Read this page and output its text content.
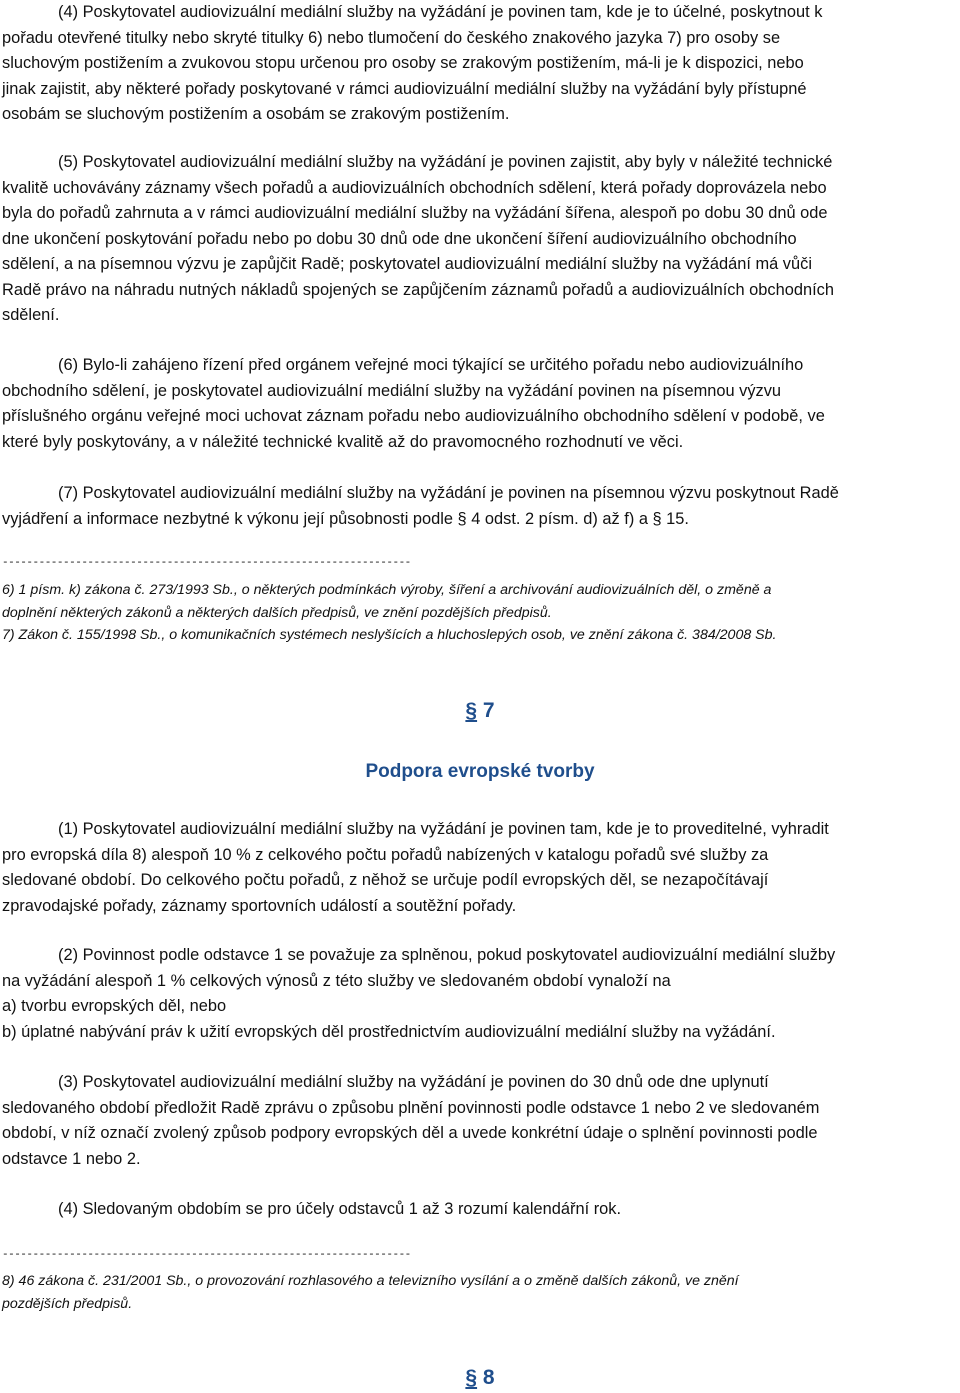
(4) Poskytovatel audiovizuální mediální služby na vyžádání je povinen tam, kde je to účelné, poskytnout k
pořadu otevřené titulky nebo skryté titulky 6) nebo tlumočení do českého znakového jazyka 7) pro osoby se
sluchovým postižením a zvukovou stopu určenou pro osoby se zrakovým postižením, má-li je k dispozici, nebo
jinak zajistit, aby některé pořady poskytované v rámci audiovizuální mediální služby na vyžádání byly přístupné
osobám se sluchovým postižením a osobám se zrakovým postižením.
(5) Poskytovatel audiovizuální mediální služby na vyžádání je povinen zajistit, aby byly v náležité technické
kvalitě uchovávány záznamy všech pořadů a audiovizuálních obchodních sdělení, která pořady doprovázela nebo
byla do pořadů zahrnuta a v rámci audiovizuální mediální služby na vyžádání šířena, alespoň po dobu 30 dnů ode
dne ukončení poskytování pořadu nebo po dobu 30 dnů ode dne ukončení šíření audiovizuálního obchodního
sdělení, a na písemnou výzvu je zapůjčit Radě; poskytovatel audiovizuální mediální služby na vyžádání má vůči
Radě právo na náhradu nutných nákladů spojených se zapůjčením záznamů pořadů a audiovizuálních obchodních
sdělení.
(6) Bylo-li zahájeno řízení před orgánem veřejné moci týkající se určitého pořadu nebo audiovizuálního
obchodního sdělení, je poskytovatel audiovizuální mediální služby na vyžádání povinen na písemnou výzvu
příslušného orgánu veřejné moci uchovat záznam pořadu nebo audiovizuálního obchodního sdělení v podobě, ve
které byly poskytovány, a v náležité technické kvalitě až do pravomocného rozhodnutí ve věci.
(7) Poskytovatel audiovizuální mediální služby na vyžádání je povinen na písemnou výzvu poskytnout Radě
vyjádření a informace nezbytné k výkonu její působnosti podle § 4 odst. 2 písm. d) až f) a § 15.
-------------------------------------------------------------------
6) 1 písm. k) zákona č. 273/1993 Sb., o některých podmínkách výroby, šíření a archivování audiovizuálních děl, o změně a
doplnění některých zákonů a některých dalších předpisů, ve znění pozdějších předpisů.
7) Zákon č. 155/1998 Sb., o komunikačních systémech neslyšících a hluchoslepých osob, ve znění zákona č. 384/2008 Sb.
§ 7
Podpora evropské tvorby
(1) Poskytovatel audiovizuální mediální služby na vyžádání je povinen tam, kde je to proveditelné, vyhradit
pro evropská díla 8) alespoň 10 % z celkového počtu pořadů nabízených v katalogu pořadů své služby za
sledované období. Do celkového počtu pořadů, z něhož se určuje podíl evropských děl, se nezapočítávají
zpravodajské pořady, záznamy sportovních událostí a soutěžní pořady.
(2) Povinnost podle odstavce 1 se považuje za splněnou, pokud poskytovatel audiovizuální mediální služby
na vyžádání alespoň 1 % celkových výnosů z této služby ve sledovaném období vynaloží na
a) tvorbu evropských děl, nebo
b) úplatné nabývání práv k užití evropských děl prostřednictvím audiovizuální mediální služby na vyžádání.
(3) Poskytovatel audiovizuální mediální služby na vyžádání je povinen do 30 dnů ode dne uplynutí
sledovaného období předložit Radě zprávu o způsobu plnění povinnosti podle odstavce 1 nebo 2 ve sledovaném
období, v níž označí zvolený způsob podpory evropských děl a uvede konkrétní údaje o splnění povinnosti podle
odstavce 1 nebo 2.
(4) Sledovaným obdobím se pro účely odstavců 1 až 3 rozumí kalendářní rok.
-------------------------------------------------------------------
8) 46 zákona č. 231/2001 Sb., o provozování rozhlasového a televizního vysílání a o změně dalších zákonů, ve znění
pozdějších předpisů.
§ 8
